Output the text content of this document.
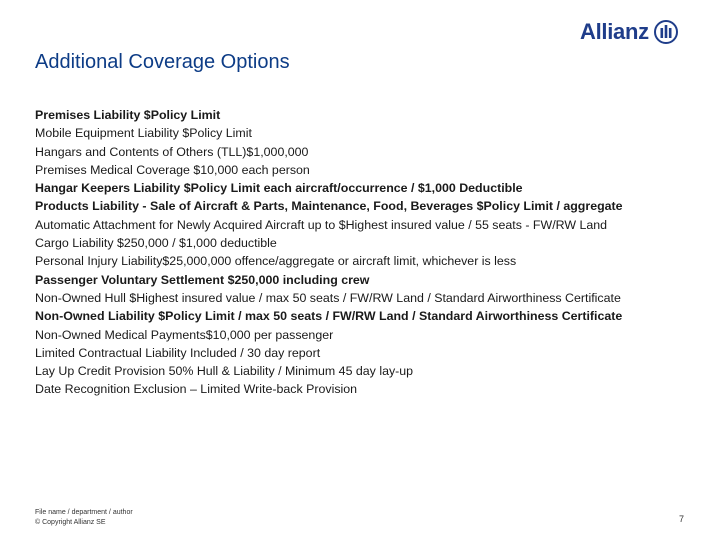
Allianz
Additional Coverage Options
Premises Liability $Policy Limit
Mobile Equipment Liability $Policy Limit
Hangars and Contents of Others (TLL)$1,000,000
Premises Medical Coverage $10,000 each person
Hangar Keepers Liability $Policy Limit each aircraft/occurrence / $1,000 Deductible
Products Liability - Sale of Aircraft & Parts, Maintenance, Food, Beverages $Policy Limit / aggregate
Automatic Attachment for Newly Acquired Aircraft up to $Highest insured value / 55 seats - FW/RW Land
Cargo Liability $250,000 / $1,000 deductible
Personal Injury Liability$25,000,000 offence/aggregate or aircraft limit, whichever is less
Passenger Voluntary Settlement $250,000 including crew
Non-Owned Hull $Highest insured value / max 50 seats / FW/RW Land / Standard Airworthiness Certificate
Non-Owned Liability $Policy Limit / max 50 seats / FW/RW Land / Standard Airworthiness Certificate
Non-Owned Medical Payments$10,000 per passenger
Limited Contractual Liability Included / 30 day report
Lay Up Credit Provision 50% Hull & Liability / Minimum 45 day lay-up
Date Recognition Exclusion – Limited Write-back Provision
File name / department / author
© Copyright Allianz SE	7
